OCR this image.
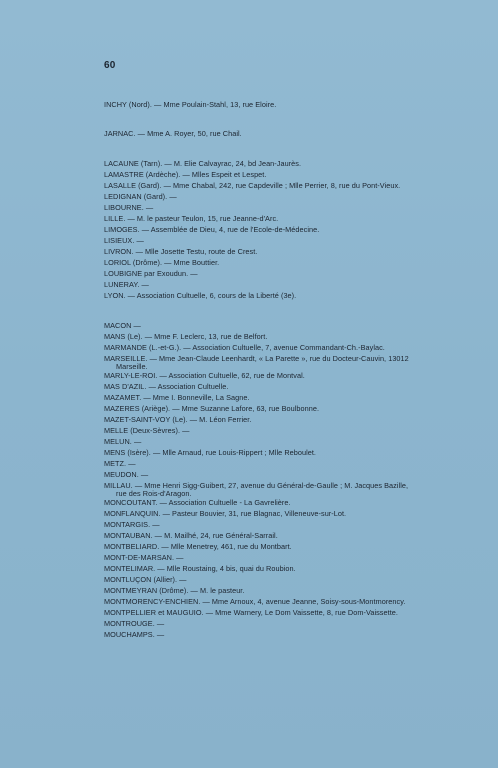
60
INCHY (Nord). — Mme Poulain-Stahl, 13, rue Eloire.
JARNAC. — Mme A. Royer, 50, rue Chail.
LACAUNE (Tarn). — M. Elie Calvayrac, 24, bd Jean-Jaurès.
LAMASTRE (Ardèche). — Mlles Espeit et Lespet.
LASALLE (Gard). — Mme Chabal, 242, rue Capdeville ; Mlle Perrier, 8, rue du Pont-Vieux.
LEDIGNAN (Gard). —
LIBOURNE. —
LILLE. — M. le pasteur Teulon, 15, rue Jeanne-d'Arc.
LIMOGES. — Assemblée de Dieu, 4, rue de l'Ecole-de-Médecine.
LISIEUX. —
LIVRON. — Mlle Josette Testu, route de Crest.
LORIOL (Drôme). — Mme Bouttier.
LOUBIGNE par Exoudun. —
LUNERAY. —
LYON. — Association Cultuelle, 6, cours de la Liberté (3e).
MACON —
MANS (Le). — Mme F. Leclerc, 13, rue de Belfort.
MARMANDE (L.-et-G.). — Association Cultuelle, 7, avenue Commandant-Ch.-Baylac.
MARSEILLE. — Mme Jean-Claude Leenhardt, « La Parette », rue du Docteur-Cauvin, 13012
Marseille.
MARLY-LE-ROI. — Association Cultuelle, 62, rue de Montval.
MAS D'AZIL. — Association Cultuelle.
MAZAMET. — Mme I. Bonneville, La Sagne.
MAZERES (Ariège). — Mme Suzanne Lafore, 63, rue Boulbonne.
MAZET-SAINT-VOY (Le). — M. Léon Ferrier.
MELLE (Deux-Sèvres). —
MELUN. —
MENS (Isère). — Mlle Arnaud, rue Louis-Rippert ; Mlle Reboulet.
METZ. —
MEUDON. —
MILLAU. — Mme Henri Sigg-Guibert, 27, avenue du Général-de-Gaulle ; M. Jacques Bazille,
rue des Rois-d'Aragon.
MONCOUTANT. — Association Cultuelle - La Gavrelière.
MONFLANQUIN. — Pasteur Bouvier, 31, rue Blagnac, Villeneuve-sur-Lot.
MONTARGIS. —
MONTAUBAN. — M. Mailhé, 24, rue Général-Sarrail.
MONTBELIARD. — Mlle Menetrey, 461, rue du Montbart.
MONT-DE-MARSAN. —
MONTELIMAR. — Mlle Roustaing, 4 bis, quai du Roubion.
MONTLUÇON (Allier). —
MONTMEYRAN (Drôme). — M. le pasteur.
MONTMORENCY-ENCHIEN. — Mme Arnoux, 4, avenue Jeanne, Soisy-sous-Montmorency.
MONTPELLIER et MAUGUIO. — Mme Warnery, Le Dom Vaissette, 8, rue Dom-Vaissette.
MONTROUGE. —
MOUCHAMPS. —
